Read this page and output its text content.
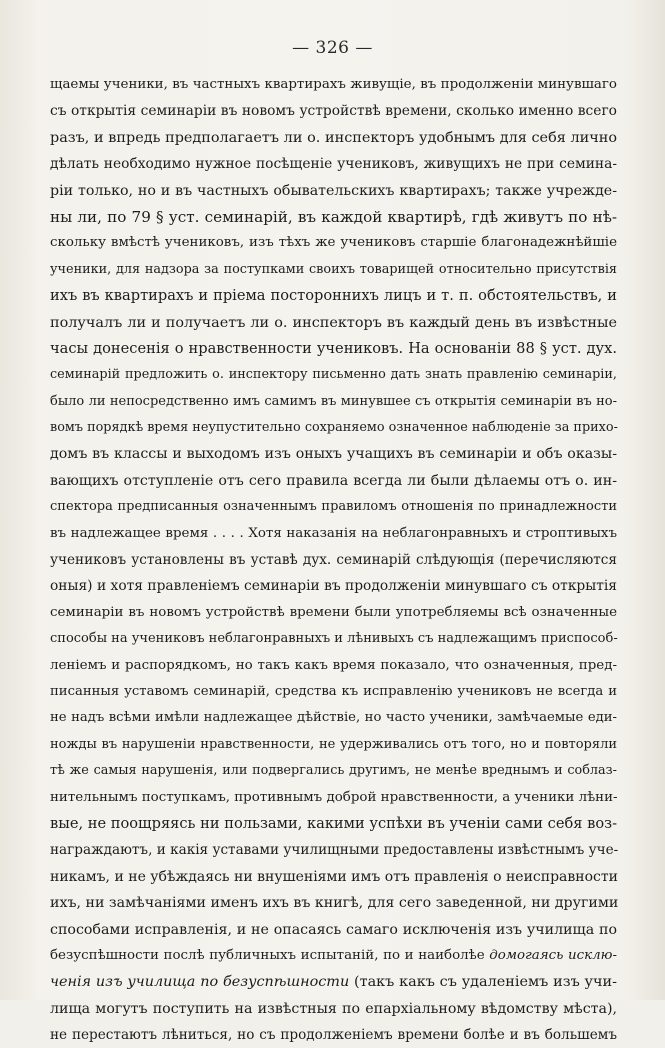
— 326 —
щаемы ученики, въ частныхъ квартирахъ живущіе, въ продолженіи минувшаго
съ открытія семинаріи въ новомъ устройствѣ времени, сколько именно всего
разъ, и впредь предполагаетъ ли о. инспекторъ удобнымъ для себя лично
дѣлать необходимо нужное посѣщеніе учениковъ, живущихъ не при семина-
ріи только, но и въ частныхъ обывательскихъ квартирахъ; также учрежде-
ны ли, по 79 § уст. семинарій, въ каждой квартирѣ, гдѣ живутъ по нѣ-
скольку вмѣстѣ учениковъ, изъ тѣхъ же учениковъ старшіе благонадежнѣйшіе
ученики, для надзора за поступками своихъ товарищей относительно присутствія
ихъ въ квартирахъ и пріема постороннихъ лицъ и т. п. обстоятельствъ, и
получалъ ли и получаетъ ли о. инспекторъ въ каждый день въ извѣстные
часы донесенія о нравственности учениковъ. На основаніи 88 § уст. дух.
семинарій предложить о. инспектору письменно дать знать правленію семинаріи,
было ли непосредственно имъ самимъ въ минувшее съ открытія семинаріи въ но-
вомъ порядкѣ время неупустительно сохраняемо означенное наблюденіе за прихо-
домъ въ классы и выходомъ изъ оныхъ учащихъ въ семинаріи и объ оказы-
вающихъ отступленіе отъ сего правила всегда ли были дѣлаемы отъ о. ин-
спектора предписанныя означеннымъ правиломъ отношенія по принадлежности
въ надлежащее время . . . . Хотя наказанія на неблагонравныхъ и строптивыхъ
учениковъ установлены въ уставѣ дух. семинарій слѣдующія (перечисляются
оныя) и хотя правленіемъ семинаріи въ продолженіи минувшаго съ открытія
семинаріи въ новомъ устройствѣ времени были употребляемы всѣ означенные
способы на учениковъ неблагонравныхъ и лѣнивыхъ съ надлежащимъ приспособ-
леніемъ и распорядкомъ, но такъ какъ время показало, что означенныя, пред-
писанныя уставомъ семинарій, средства къ исправленію учениковъ не всегда и
не надъ всѣми имѣли надлежащее дѣйствіе, но часто ученики, замѣчаемые еди-
ножды въ нарушеніи нравственности, не удерживались отъ того, но и повторяли
тѣ же самыя нарушенія, или подвергались другимъ, не менѣе вреднымъ и соблаз-
нительнымъ поступкамъ, противнымъ доброй нравственности, а ученики лѣни-
вые, не поощряясь ни пользами, какими успѣхи въ ученіи сами себя воз-
награждаютъ, и какія уставами училищными предоставлены извѣстнымъ уче-
никамъ, и не убѣждаясь ни внушеніями имъ отъ правленія о неисправности
ихъ, ни замѣчаніями именъ ихъ въ книгѣ, для сего заведенной, ни другими
способами исправленія, и не опасаясь самаго исключенія изъ училища по
безуспѣшности послѣ публичныхъ испытаній, по и наиболѣе домогаясь исклю-
ченія изъ училища по безуспѣшности (такъ какъ съ удаленіемъ изъ учи-
лища могутъ поступить на извѣстныя по епархіальному вѣдомству мѣста),
не перестаютъ лѣниться, но съ продолженіемъ времени болѣе и въ большемъ
